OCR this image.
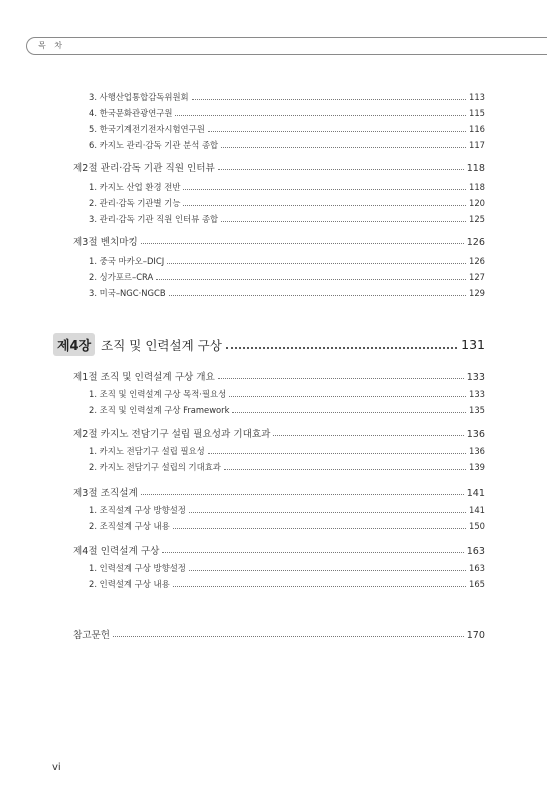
목 차
3. 사행산업통합감독위원회	113
4. 한국문화관광연구원	115
5. 한국기계전기전자시험연구원	116
6. 카지노 관리·감독 기관 분석 종합	117
제2절 관리·감독 기관 직원 인터뷰	118
1. 카지노 산업 환경 전반	118
2. 관리·감독 기관별 기능	120
3. 관리·감독 기관 직원 인터뷰 종합	125
제3절 벤치마킹	126
1. 중국 마카오–DICJ	126
2. 싱가포르–CRA	127
3. 미국–NGC·NGCB	129
제4장 조직 및 인력설계 구상	131
제1절 조직 및 인력설계 구상 개요	133
1. 조직 및 인력설계 구상 목적·필요성	133
2. 조직 및 인력설계 구상 Framework	135
제2절 카지노 전담기구 설립 필요성과 기대효과	136
1. 카지노 전담기구 설립 필요성	136
2. 카지노 전담기구 설립의 기대효과	139
제3절 조직설계	141
1. 조직설계 구상 방향설정	141
2. 조직설계 구상 내용	150
제4절 인력설계 구상	163
1. 인력설계 구상 방향설정	163
2. 인력설계 구상 내용	165
참고문헌	170
vi
